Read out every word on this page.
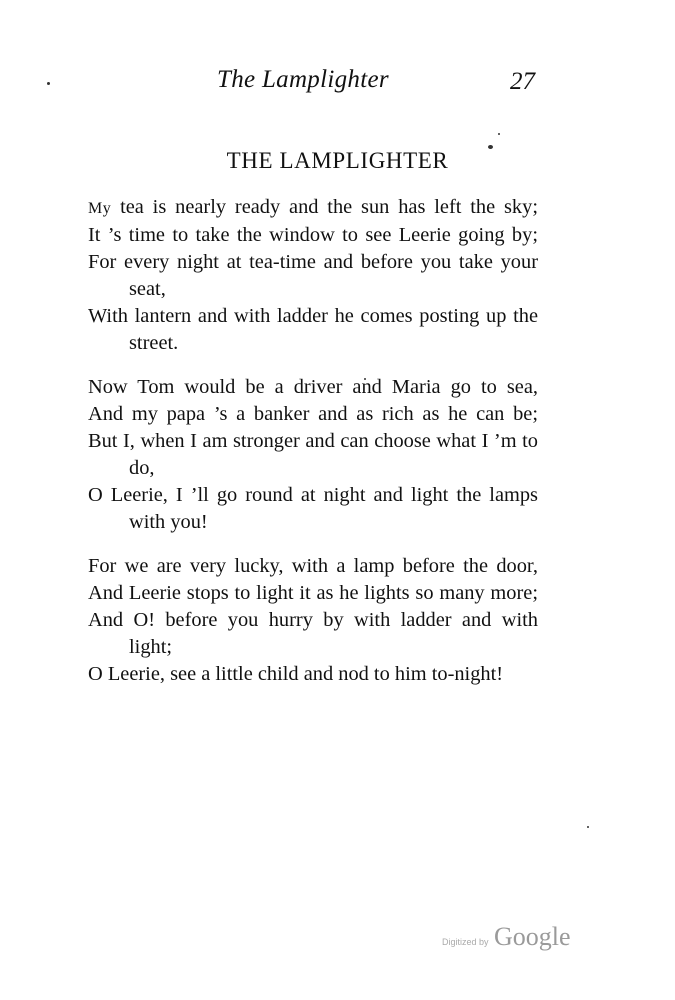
The Lamplighter	27
THE LAMPLIGHTER
My tea is nearly ready and the sun has left the sky;
It ’s time to take the window to see Leerie going by;
For every night at tea-time and before you take your seat,
With lantern and with ladder he comes posting up the street.
Now Tom would be a driver and Maria go to sea,
And my papa ’s a banker and as rich as he can be;
But I, when I am stronger and can choose what I ’m to do,
O Leerie, I ’ll go round at night and light the lamps with you!
For we are very lucky, with a lamp before the door,
And Leerie stops to light it as he lights so many more;
And O! before you hurry by with ladder and with light;
O Leerie, see a little child and nod to him to-night!
Digitized by Google
